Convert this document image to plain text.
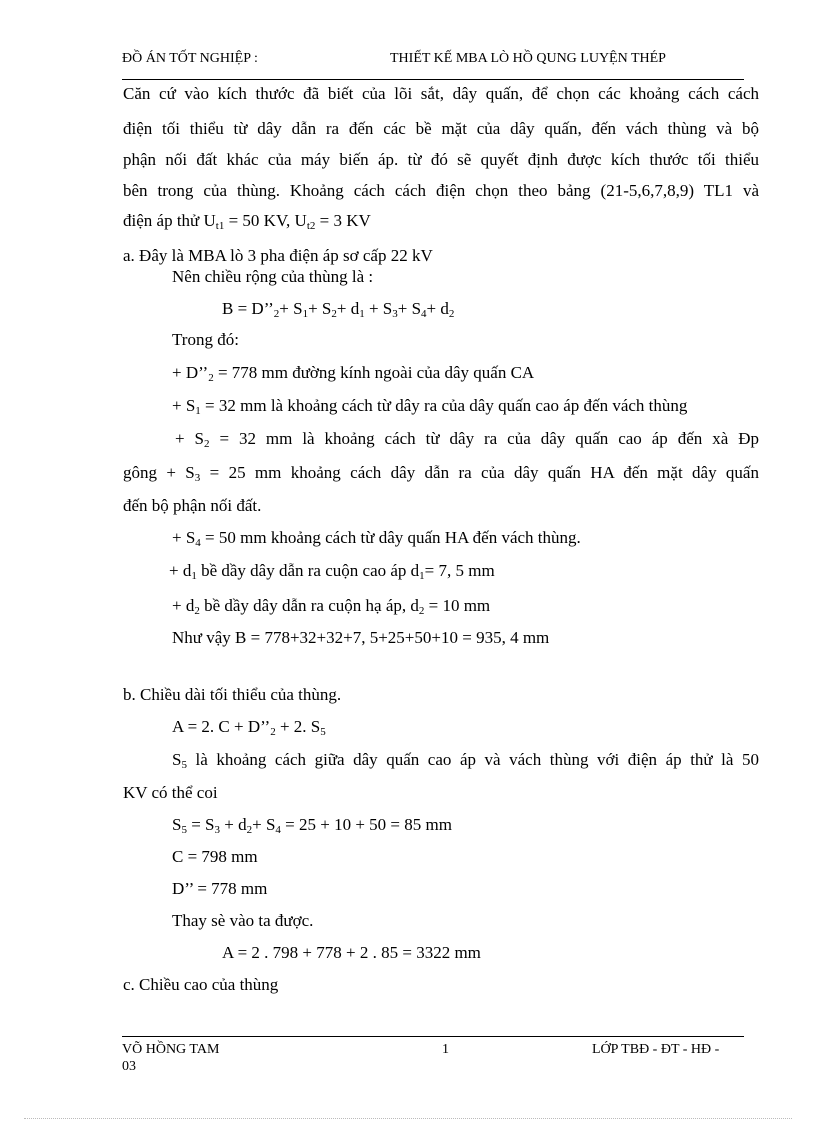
ĐỒ ÁN TỐT NGHIỆP :	THIẾT KẾ MBA LÒ HỒ QUNG LUYỆN THÉP
Căn cứ vào kích thước đã biết của lõi sắt, dây quấn, để chọn các khoảng cách cách
điện tối thiểu từ dây dẫn ra đến các bề mặt của dây quấn, đến vách thùng và bộ
phận nối đất khác của máy biến áp. từ đó sẽ quyết định được kích thước tối thiểu
bên trong của thùng. Khoảng cách cách điện chọn theo bảng (21-5,6,7,8,9) TL1 và
điện áp thử $U_{t1} = 50$ KV, $U_{t2} = 3$ KV
a. Đây là MBA lò 3 pha điện áp sơ cấp 22 kV
Nên chiều rộng của thùng là :
$B = D’’_2+ S_1+ S_2+ d_1 + S_3+ S_4+ d_2$
Trong đó:
+ $D’’_2 = 778$ mm đường kính ngoài của dây quấn CA
+ $S_1 = 32$ mm là khoảng cách từ dây ra của dây quấn cao áp đến vách thùng
+ $S_2 = 32$ mm là khoảng cách từ dây ra của dây quấn cao áp đến xà Đp
gông + $S_3 = 25$ mm khoảng cách dây dẫn ra của dây quấn HA đến mặt dây quấn
đến bộ phận nối đất.
+ $S_4 = 50$ mm khoảng cách từ dây quấn HA đến vách thùng.
+ $d_1$ bề dầy dây dẫn ra cuộn cao áp $d_1= 7$, 5 mm
+ $d_2$ bề dầy dây dẫn ra cuộn hạ áp, $d_2 = 10$ mm
Như vậy B = 778+32+32+7, 5+25+50+10 = 935, 4 mm
b. Chiều dài tối thiểu của thùng.
A = 2. $C + D’’_2 + 2$. $S_5$
$S_5$ là khoảng cách giữa dây quấn cao áp và vách thùng với điện áp thử là 50
KV có thể coi
$S_5 = S_3 + d_2+ S_4 = 25 + 10 + 50 = 85$ mm
C = 798 mm
D’’ = 778 mm
Thay sè vào ta được.
A = 2 . 798 + 778 + 2 . 85 = 3322 mm
c. Chiều cao của thùng
VÕ HỒNG TAM
03
1	LỚP TBĐ - ĐT - HĐ -
